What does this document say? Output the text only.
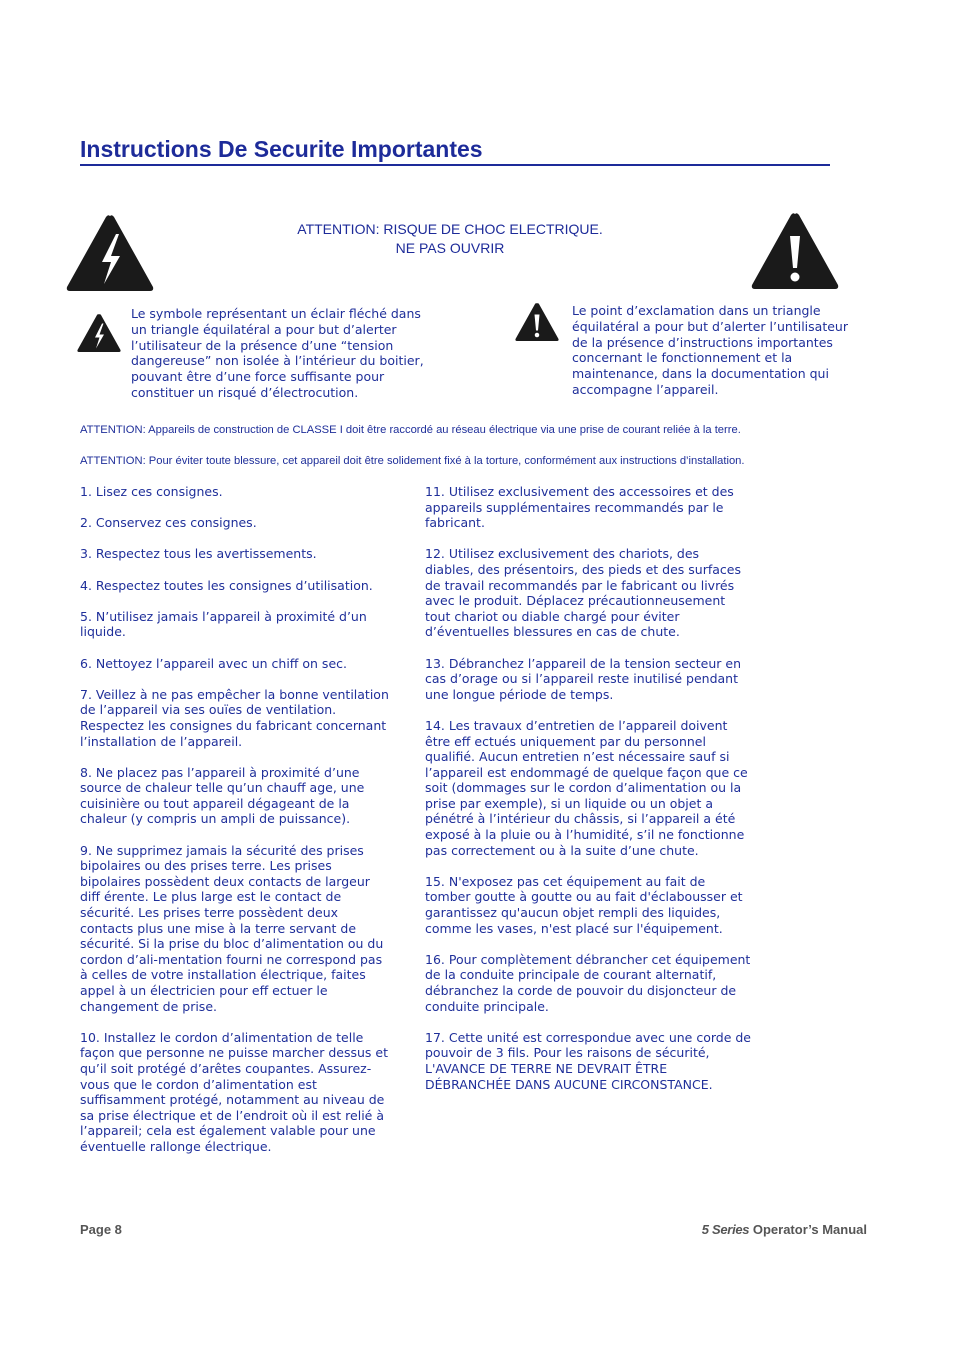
Instructions De Securite Importantes
ATTENTION: RISQUE DE CHOC ELECTRIQUE.
NE PAS OUVRIR
Le symbole représentant un éclair fléché dans un triangle équilatéral a pour but d’alerter l’utilisateur de la présence d’une “tension dangereuse” non isolée à l’intérieur du boitier, pouvant être d’une force suffisante pour constituer un risqué d’électrocution.
Le point d’exclamation dans un triangle équilatéral a pour but d’alerter l’untilisateur de la présence d’instructions importantes concernant le fonctionnement et la maintenance, dans la documentation qui accompagne l’appareil.
ATTENTION: Appareils de construction de CLASSE I doit être raccordé au réseau électrique via une prise de courant reliée à la terre.
ATTENTION: Pour éviter toute blessure, cet appareil doit être solidement fixé à la torture, conformément aux instructions d’installation.

1. Lisez ces consignes.

2. Conservez ces consignes.

3. Respectez tous les avertissements.

4. Respectez toutes les consignes d’utilisation.

5. N’utilisez jamais l’appareil à proximité d’un liquide.

6. Nettoyez l’appareil avec un chiff on sec.

7. Veillez à ne pas empêcher la bonne ventilation de l’appareil via ses ouïes de ventilation. Respectez les consignes du fabricant concernant l’installation de l’appareil.

8. Ne placez pas l’appareil à proximité d’une source de chaleur telle qu’un chauff age, une cuisinière ou tout appareil dégageant de la chaleur (y compris un ampli de puissance).

9. Ne supprimez jamais la sécurité des prises bipolaires ou des prises terre. Les prises bipolaires possèdent deux contacts de largeur diff érente. Le plus large est le contact de sécurité. Les prises terre possèdent deux contacts plus une mise à la terre servant de sécurité. Si la prise du bloc d’alimentation ou du cordon d’ali-mentation fourni ne correspond pas à celles de votre installation électrique, faites appel à un électricien pour eff ectuer le changement de prise.

10. Installez le cordon d’alimentation de telle façon que personne ne puisse marcher dessus et qu’il soit protégé d’arêtes coupantes. Assurez-vous que le cordon d’alimentation est suffisamment protégé, notamment au niveau de sa prise électrique et de l’endroit où il est relié à l’appareil; cela est également valable pour une éventuelle rallonge électrique.

11. Utilisez exclusivement des accessoires et des appareils supplémentaires recommandés par le fabricant.

12. Utilisez exclusivement des chariots, des diables, des présentoirs, des pieds et des surfaces de travail recommandés par le fabricant ou livrés avec le produit. Déplacez précautionneusement tout chariot ou diable chargé pour éviter d’éventuelles blessures en cas de chute.

13. Débranchez l’appareil de la tension secteur en cas d’orage ou si l’appareil reste inutilisé pendant une longue période de temps.

14. Les travaux d’entretien de l’appareil doivent être eff ectués uniquement par du personnel qualifié. Aucun entretien n’est nécessaire sauf si l’appareil est endommagé de quelque façon que ce soit (dommages sur le cordon d’alimentation ou la prise par exemple), si un liquide ou un objet a pénétré à l’intérieur du châssis, si l’appareil a été exposé à la pluie ou à l’humidité, s’il ne fonctionne pas correctement ou à la suite d’une chute.

15. N'exposez pas cet équipement au fait de tomber goutte à goutte ou au fait d'éclabousser et garantissez qu'aucun objet rempli des liquides, comme les vases, n'est placé sur l'équipement.

16. Pour complètement débrancher cet équipement de la conduite principale de courant alternatif, débranchez la corde de pouvoir du disjoncteur de conduite principale.

17. Cette unité est correspondue avec une corde de pouvoir de 3 fils. Pour les raisons de sécurité, L'AVANCE DE TERRE NE DEVRAIT ÊTRE DÉBRANCHÉE DANS AUCUNE CIRCONSTANCE.

Page 8	5 Series Operator’s Manual
